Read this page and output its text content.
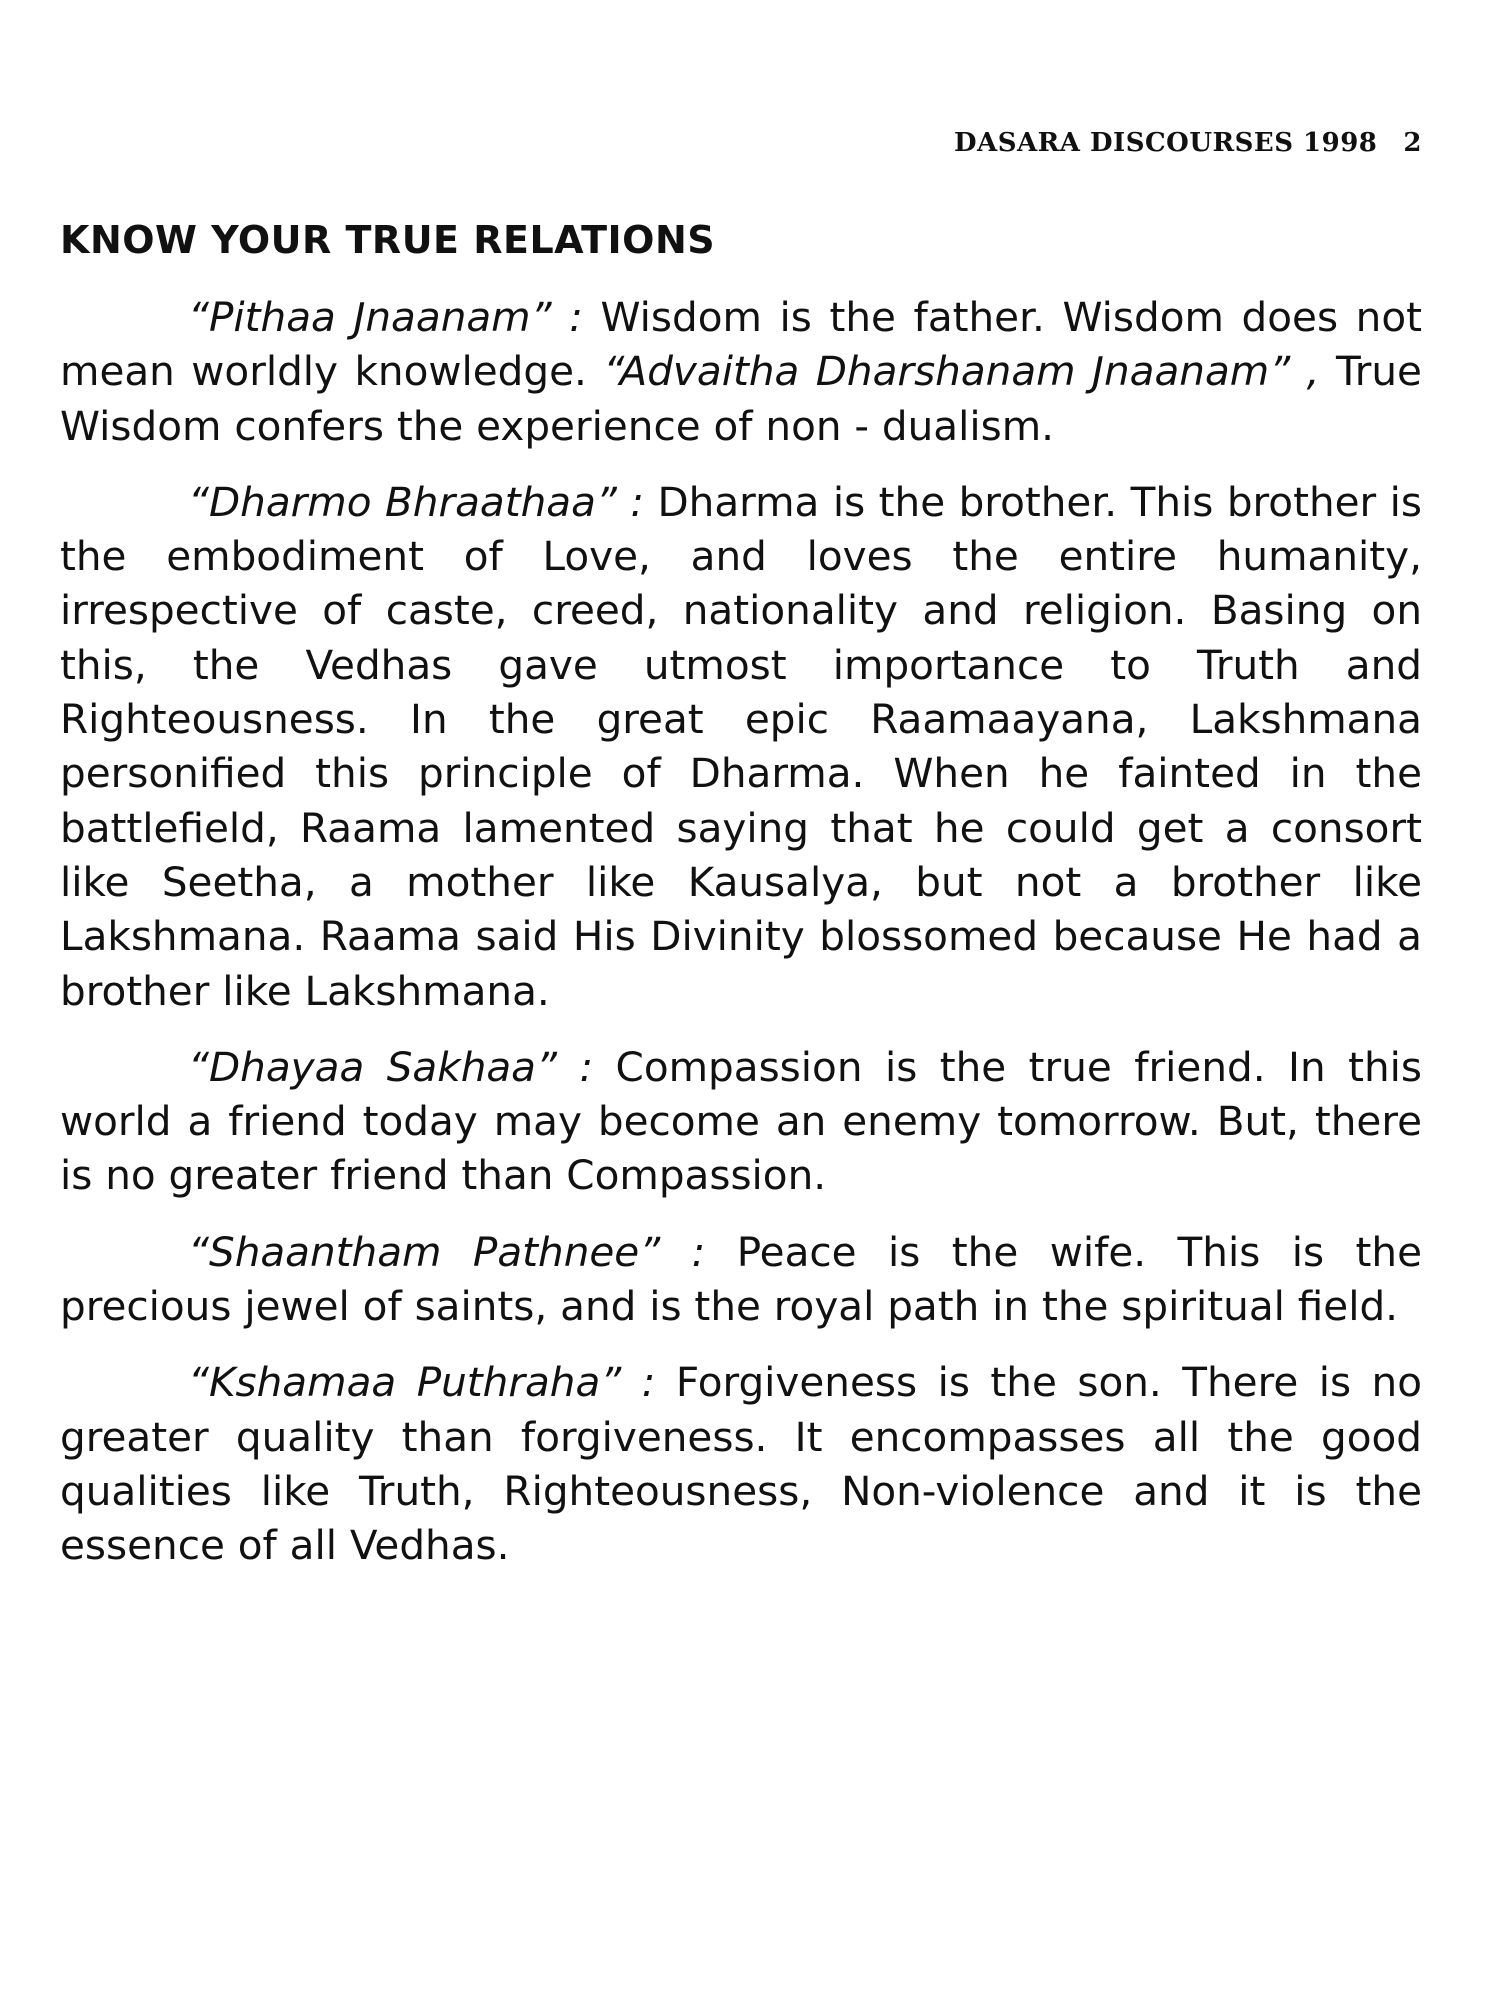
DASARA DISCOURSES 1998 2
KNOW YOUR TRUE RELATIONS

“Pithaa Jnaanam” : Wisdom is the father. Wisdom does not mean worldly knowledge. “Advaitha Dharshanam Jnaanam” , True Wisdom confers the experience of non - dualism.

“Dharmo Bhraathaa” : Dharma is the brother. This brother is the embodiment of Love, and loves the entire humanity, irrespective of caste, creed, nationality and religion. Basing on this, the Vedhas gave utmost importance to Truth and Righteousness. In the great epic Raamaayana, Lakshmana personified this principle of Dharma. When he fainted in the battlefield, Raama lamented saying that he could get a consort like Seetha, a mother like Kausalya, but not a brother like Lakshmana. Raama said His Divinity blossomed because He had a brother like Lakshmana.

“Dhayaa Sakhaa” : Compassion is the true friend. In this world a friend today may become an enemy tomorrow. But, there is no greater friend than Compassion.

“Shaantham Pathnee” : Peace is the wife. This is the precious jewel of saints, and is the royal path in the spiritual field.

“Kshamaa Puthraha” : Forgiveness is the son. There is no greater quality than forgiveness. It encompasses all the good qualities like Truth, Righteousness, Non-violence and it is the essence of all Vedhas.
